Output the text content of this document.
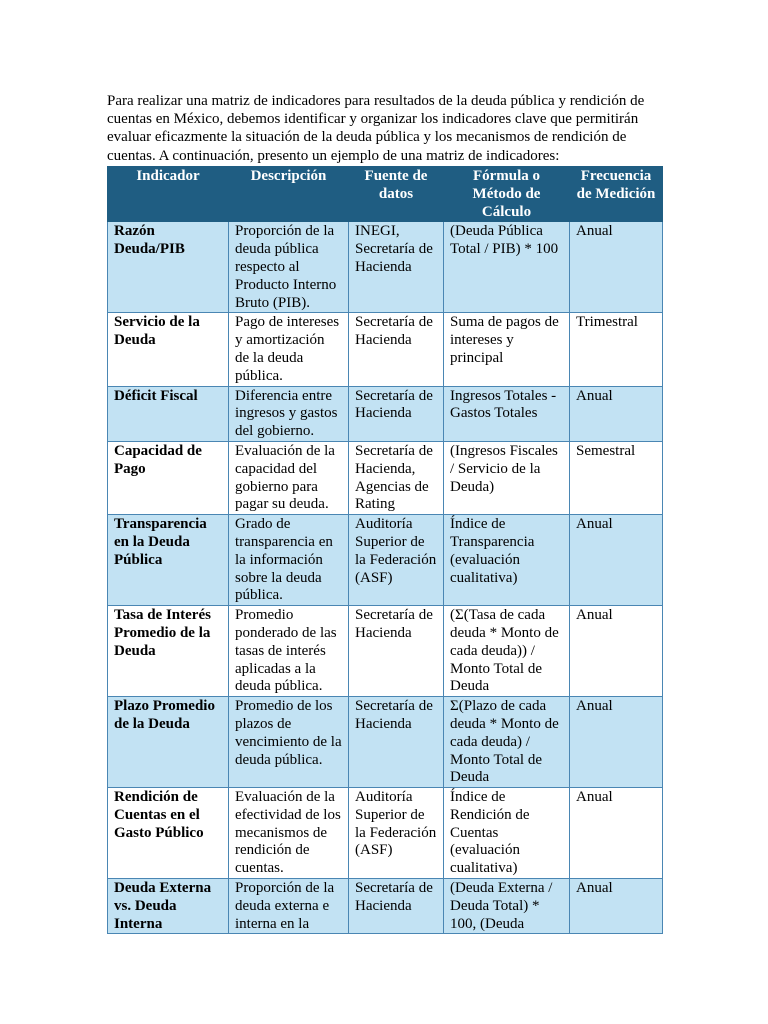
Para realizar una matriz de indicadores para resultados de la deuda pública y rendición de cuentas en México, debemos identificar y organizar los indicadores clave que permitirán evaluar eficazmente la situación de la deuda pública y los mecanismos de rendición de cuentas. A continuación, presento un ejemplo de una matriz de indicadores:

Indicador	Descripción	Fuente de datos	Fórmula o Método de Cálculo	Frecuencia de Medición
Razón Deuda/PIB	Proporción de la deuda pública respecto al Producto Interno Bruto (PIB).	INEGI, Secretaría de Hacienda	(Deuda Pública Total / PIB) * 100	Anual
Servicio de la Deuda	Pago de intereses y amortización de la deuda pública.	Secretaría de Hacienda	Suma de pagos de intereses y principal	Trimestral
Déficit Fiscal	Diferencia entre ingresos y gastos del gobierno.	Secretaría de Hacienda	Ingresos Totales - Gastos Totales	Anual
Capacidad de Pago	Evaluación de la capacidad del gobierno para pagar su deuda.	Secretaría de Hacienda, Agencias de Rating	(Ingresos Fiscales / Servicio de la Deuda)	Semestral
Transparencia en la Deuda Pública	Grado de transparencia en la información sobre la deuda pública.	Auditoría Superior de la Federación (ASF)	Índice de Transparencia (evaluación cualitativa)	Anual
Tasa de Interés Promedio de la Deuda	Promedio ponderado de las tasas de interés aplicadas a la deuda pública.	Secretaría de Hacienda	(Σ(Tasa de cada deuda * Monto de cada deuda)) / Monto Total de Deuda	Anual
Plazo Promedio de la Deuda	Promedio de los plazos de vencimiento de la deuda pública.	Secretaría de Hacienda	Σ(Plazo de cada deuda * Monto de cada deuda) / Monto Total de Deuda	Anual
Rendición de Cuentas en el Gasto Público	Evaluación de la efectividad de los mecanismos de rendición de cuentas.	Auditoría Superior de la Federación (ASF)	Índice de Rendición de Cuentas (evaluación cualitativa)	Anual
Deuda Externa vs. Deuda Interna	Proporción de la deuda externa e interna en la	Secretaría de Hacienda	(Deuda Externa / Deuda Total) * 100, (Deuda	Anual
